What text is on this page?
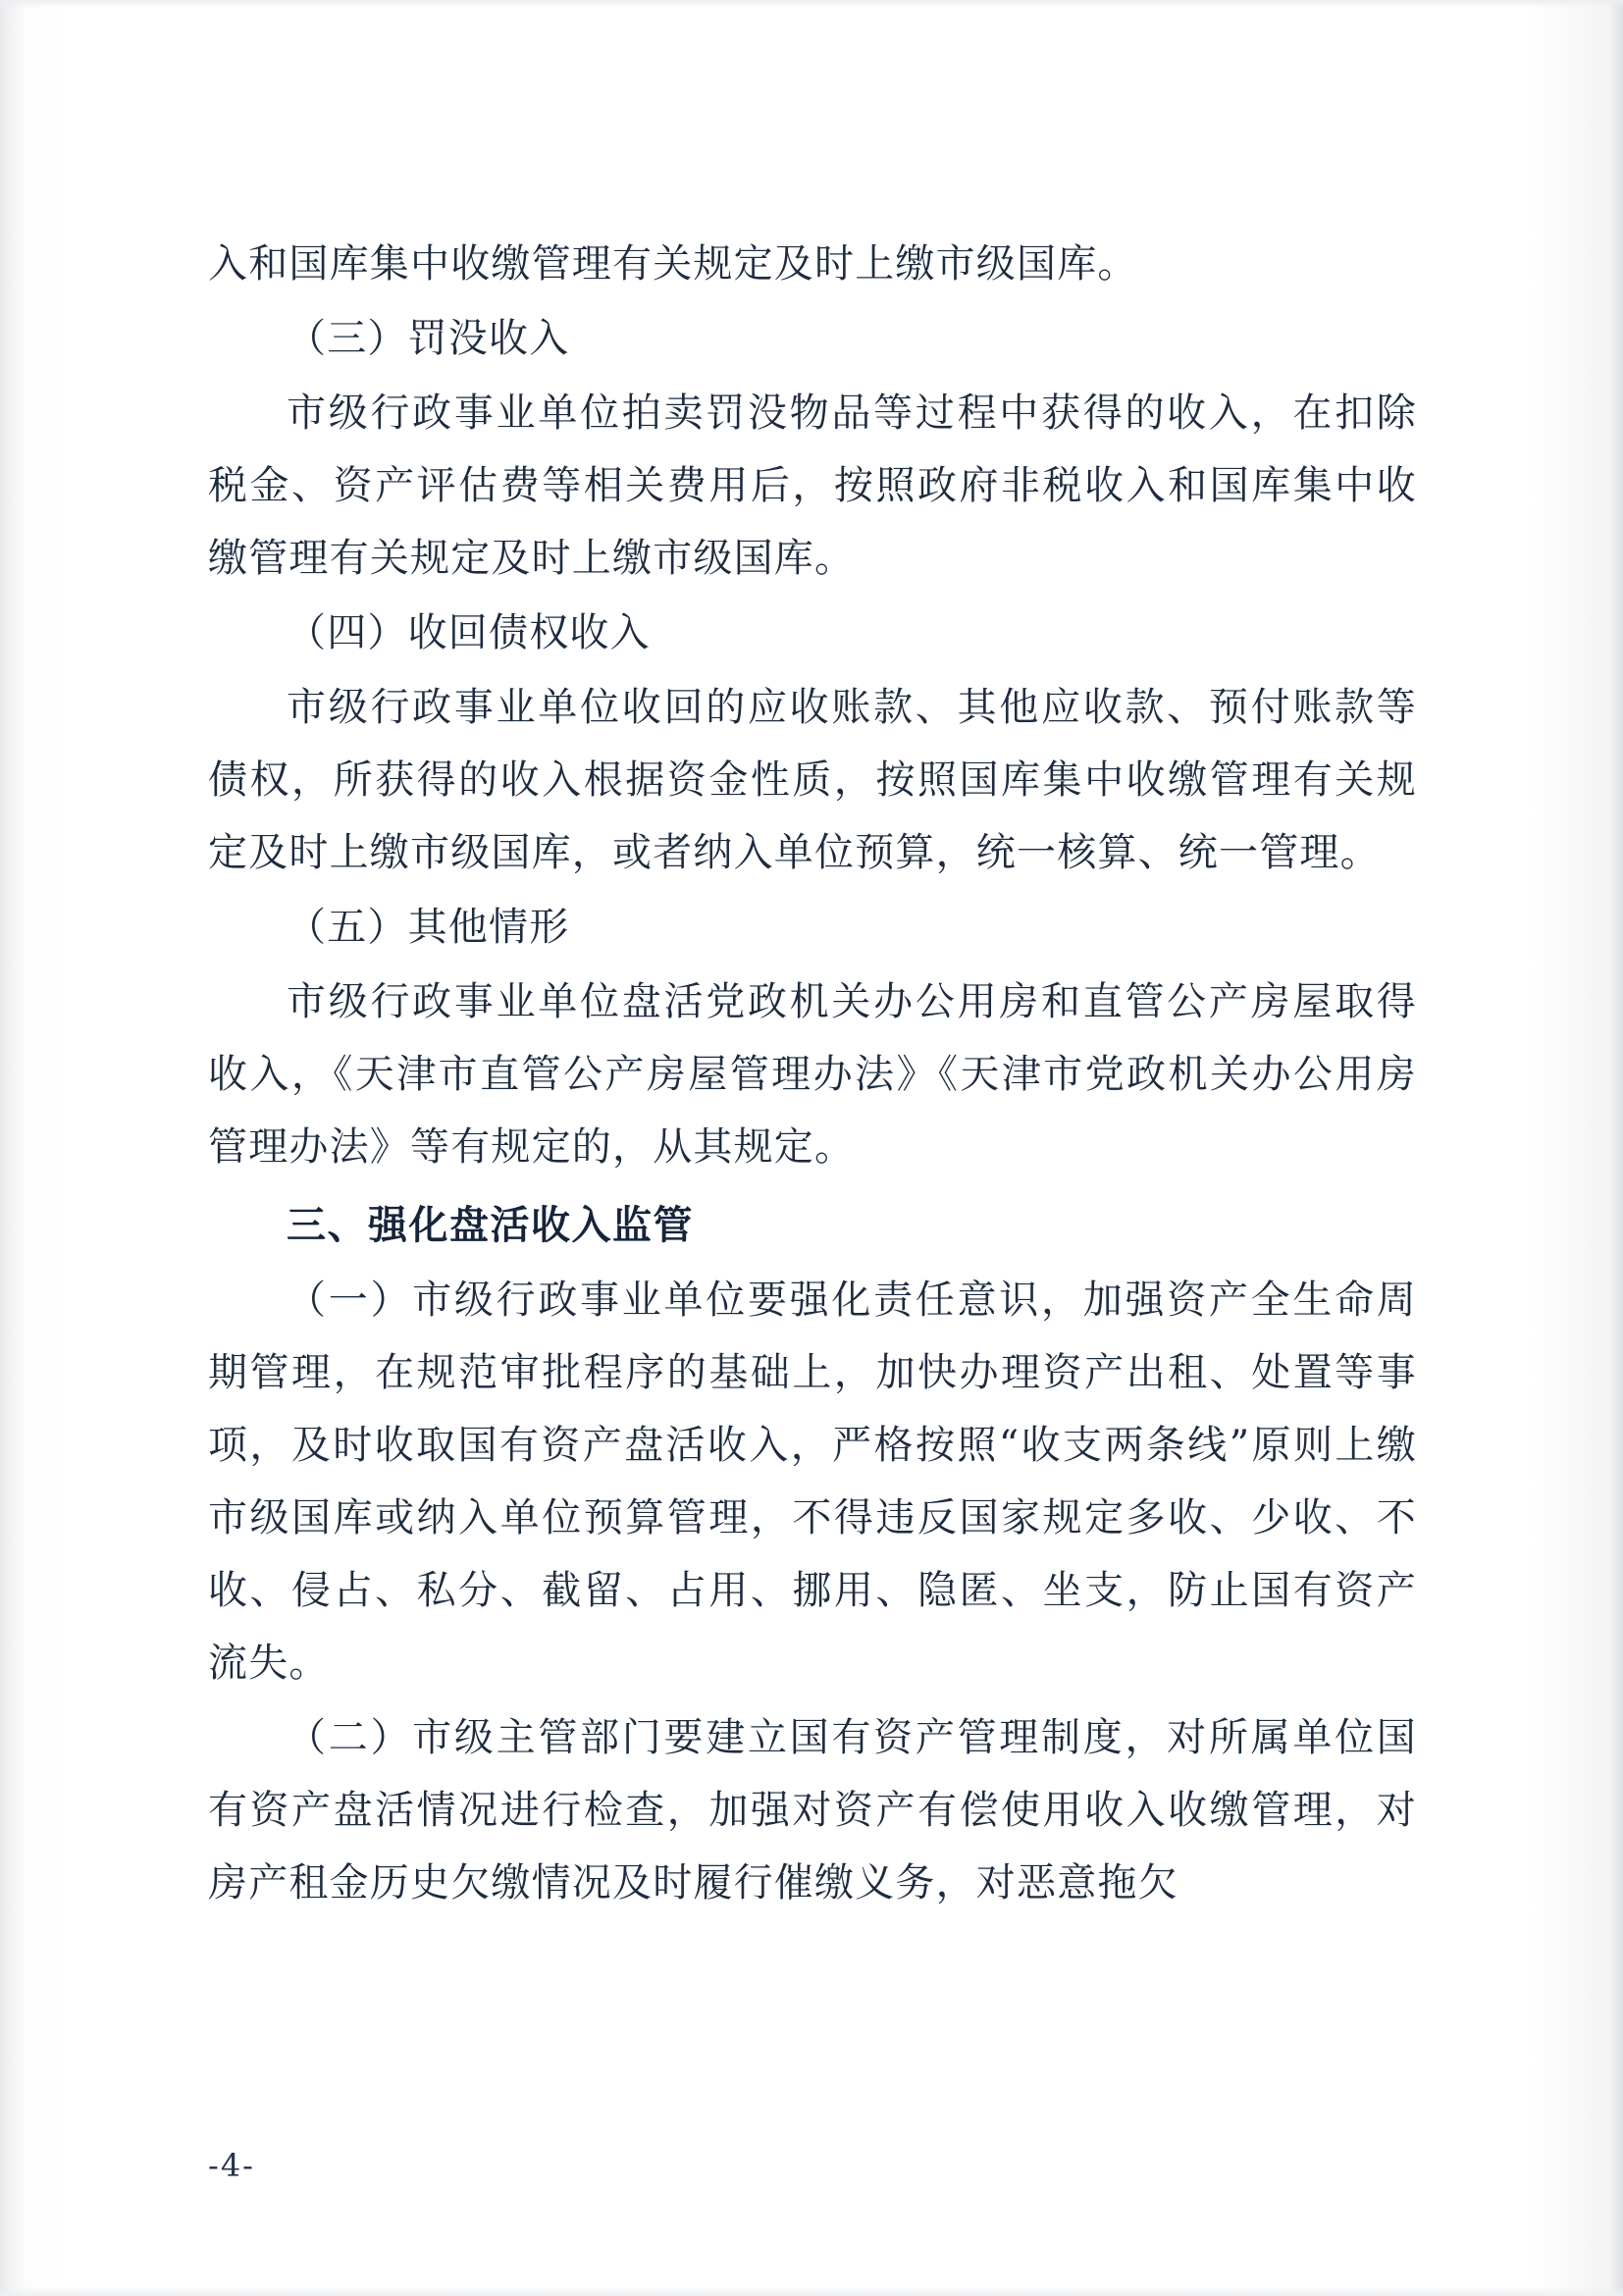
入和国库集中收缴管理有关规定及时上缴市级国库。

（三）罚没收入

市级行政事业单位拍卖罚没物品等过程中获得的收入，在扣除税金、资产评估费等相关费用后，按照政府非税收入和国库集中收缴管理有关规定及时上缴市级国库。

（四）收回债权收入

市级行政事业单位收回的应收账款、其他应收款、预付账款等债权，所获得的收入根据资金性质，按照国库集中收缴管理有关规定及时上缴市级国库，或者纳入单位预算，统一核算、统一管理。

（五）其他情形

市级行政事业单位盘活党政机关办公用房和直管公产房屋取得收入，《天津市直管公产房屋管理办法》《天津市党政机关办公用房管理办法》等有规定的，从其规定。

三、强化盘活收入监管

（一）市级行政事业单位要强化责任意识，加强资产全生命周期管理，在规范审批程序的基础上，加快办理资产出租、处置等事项，及时收取国有资产盘活收入，严格按照“收支两条线”原则上缴市级国库或纳入单位预算管理，不得违反国家规定多收、少收、不收、侵占、私分、截留、占用、挪用、隐匿、坐支，防止国有资产流失。

（二）市级主管部门要建立国有资产管理制度，对所属单位国有资产盘活情况进行检查，加强对资产有偿使用收入收缴管理，对房产租金历史欠缴情况及时履行催缴义务，对恶意拖欠

-4-
